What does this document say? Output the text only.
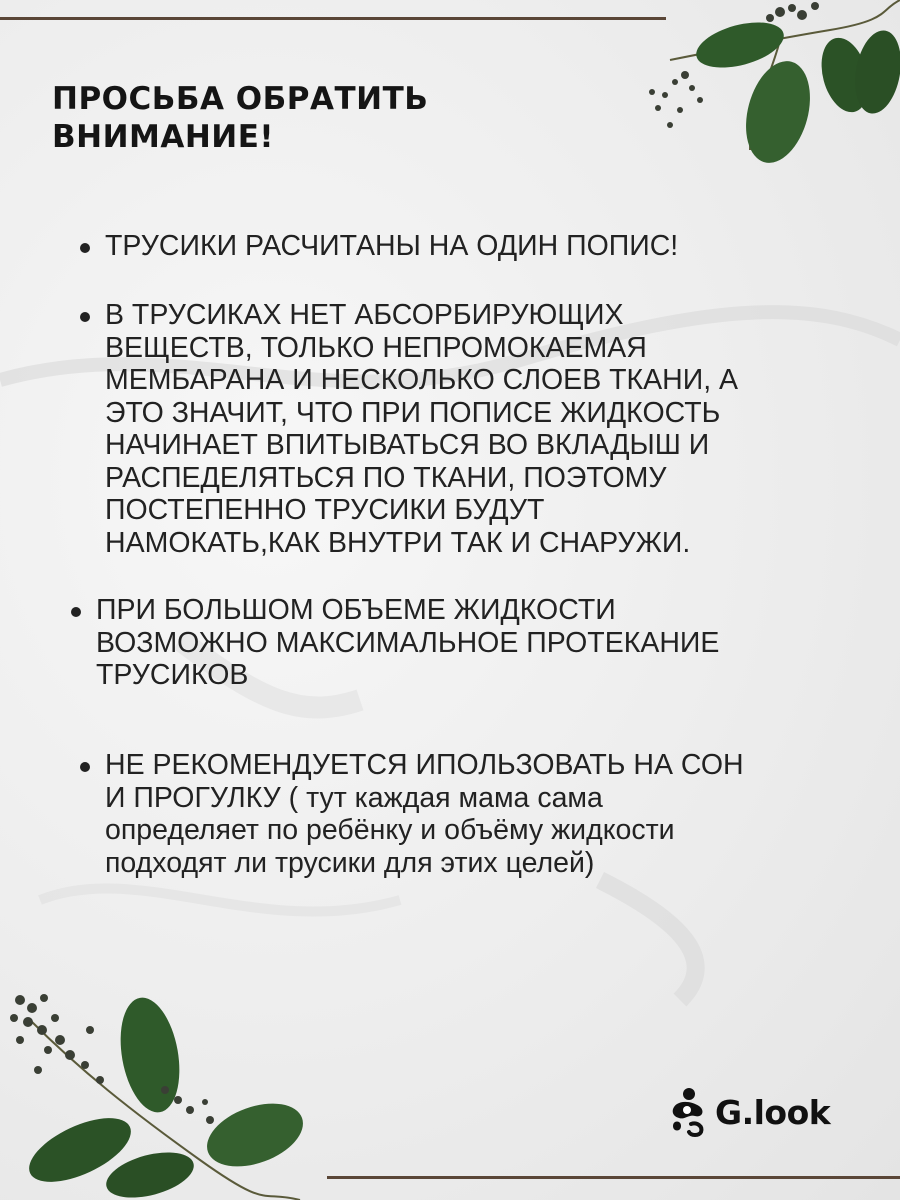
ПРОСЬБА ОБРАТИТЬ
ВНИМАНИЕ!
ТРУСИКИ РАСЧИТАНЫ НА ОДИН ПОПИС!
В ТРУСИКАХ НЕТ АБСОРБИРУЮЩИХ
ВЕЩЕСТВ, ТОЛЬКО НЕПРОМОКАЕМАЯ
МЕМБАРАНА И НЕСКОЛЬКО СЛОЕВ ТКАНИ, А
ЭТО ЗНАЧИТ, ЧТО ПРИ ПОПИСЕ ЖИДКОСТЬ
НАЧИНАЕТ ВПИТЫВАТЬСЯ ВО ВКЛАДЫШ И
РАСПЕДЕЛЯТЬСЯ ПО ТКАНИ, ПОЭТОМУ
ПОСТЕПЕННО ТРУСИКИ БУДУТ
НАМОКАТЬ,КАК ВНУТРИ ТАК И СНАРУЖИ.
ПРИ БОЛЬШОМ ОБЪЕМЕ ЖИДКОСТИ
ВОЗМОЖНО МАКСИМАЛЬНОЕ ПРОТЕКАНИЕ
ТРУСИКОВ
НЕ РЕКОМЕНДУЕТСЯ ИПОЛЬЗОВАТЬ НА СОН
И ПРОГУЛКУ ( тут каждая мама сама
определяет по ребёнку и объёму жидкости
подходят ли трусики для этих целей)
G.look
